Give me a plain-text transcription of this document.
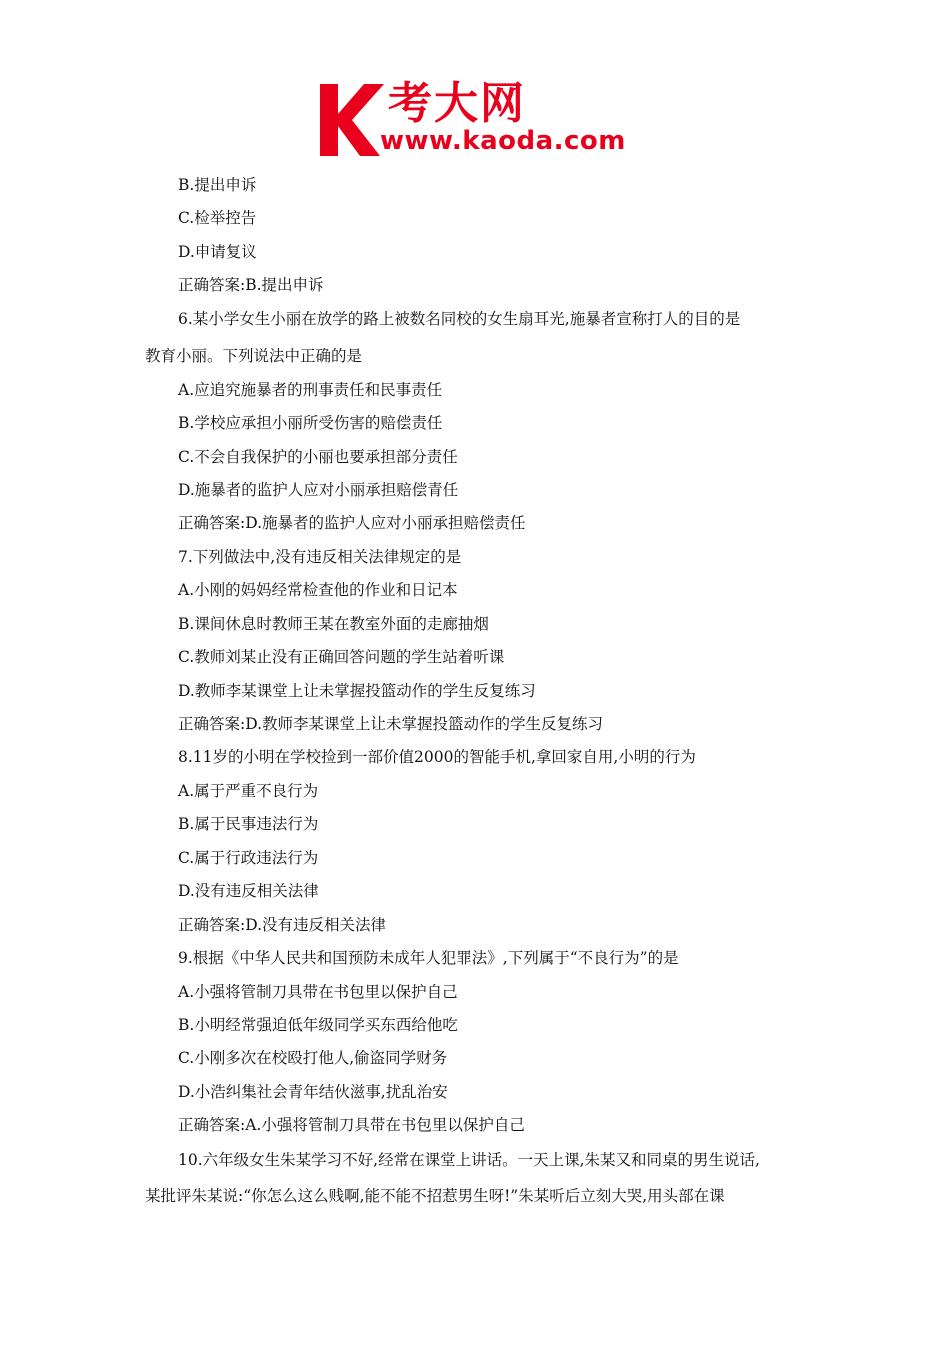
考大网
www.kaoda.com
B.提出申诉
C.检举控告
D.申请复议
正确答案:B.提出申诉
6.某小学女生小丽在放学的路上被数名同校的女生扇耳光,施暴者宣称打人的目的是
教育小丽。下列说法中正确的是
A.应追究施暴者的刑事责任和民事责任
B.学校应承担小丽所受伤害的赔偿责任
C.不会自我保护的小丽也要承担部分责任
D.施暴者的监护人应对小丽承担赔偿青任
正确答案:D.施暴者的监护人应对小丽承担赔偿责任
7.下列做法中,没有违反相关法律规定的是
A.小刚的妈妈经常检查他的作业和日记本
B.课间休息时教师王某在教室外面的走廊抽烟
C.教师刘某止没有正确回答问题的学生站着听课
D.教师李某课堂上让未掌握投篮动作的学生反复练习
正确答案:D.教师李某课堂上让未掌握投篮动作的学生反复练习
8.11岁的小明在学校捡到一部价值2000的智能手机,拿回家自用,小明的行为
A.属于严重不良行为
B.属于民事违法行为
C.属于行政违法行为
D.没有违反相关法律
正确答案:D.没有违反相关法律
9.根据《中华人民共和国预防未成年人犯罪法》,下列属于“不良行为”的是
A.小强将管制刀具带在书包里以保护自己
B.小明经常强迫低年级同学买东西给他吃
C.小刚多次在校殴打他人,偷盗同学财务
D.小浩纠集社会青年结伙滋事,扰乱治安
正确答案:A.小强将管制刀具带在书包里以保护自己
10.六年级女生朱某学习不好,经常在课堂上讲话。一天上课,朱某又和同桌的男生说话,
某批评朱某说:“你怎么这么贱啊,能不能不招惹男生呀!”朱某听后立刻大哭,用头部在课
